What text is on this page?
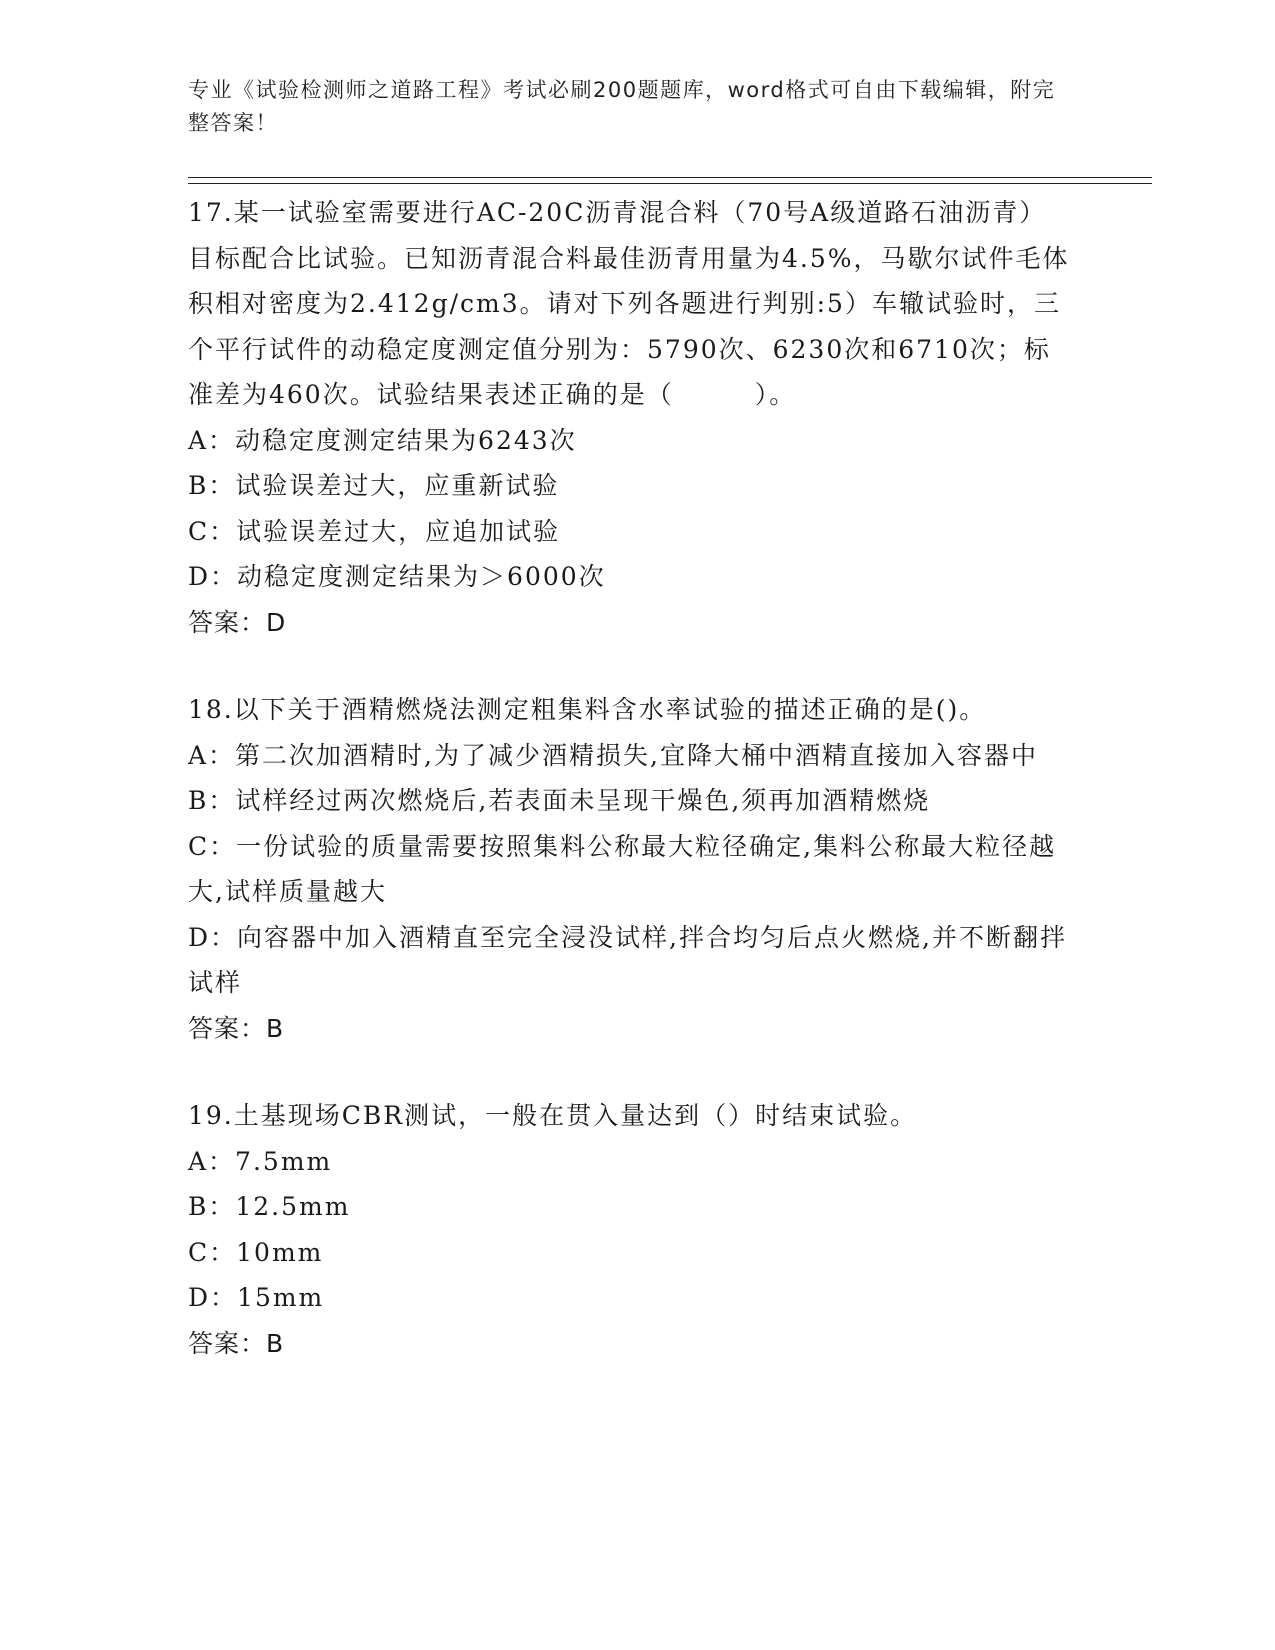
专业《试验检测师之道路工程》考试必刷200题题库，word格式可自由下载编辑，附完整答案！

17.某一试验室需要进行AC-20C沥青混合料（70号A级道路石油沥青）目标配合比试验。已知沥青混合料最佳沥青用量为4.5%，马歇尔试件毛体积相对密度为2.412g/cm3。请对下列各题进行判别:5）车辙试验时，三个平行试件的动稳定度测定值分别为：5790次、6230次和6710次；标准差为460次。试验结果表述正确的是（　　　）。

A：动稳定度测定结果为6243次

B：试验误差过大，应重新试验

C：试验误差过大，应追加试验

D：动稳定度测定结果为＞6000次

答案：D

18.以下关于酒精燃烧法测定粗集料含水率试验的描述正确的是()。

A：第二次加酒精时,为了减少酒精损失,宜降大桶中酒精直接加入容器中

B：试样经过两次燃烧后,若表面未呈现干燥色,须再加酒精燃烧

C：一份试验的质量需要按照集料公称最大粒径确定,集料公称最大粒径越大,试样质量越大

D：向容器中加入酒精直至完全浸没试样,拌合均匀后点火燃烧,并不断翻拌试样

答案：B

19.土基现场CBR测试，一般在贯入量达到（）时结束试验。

A：7.5mm

B：12.5mm

C：10mm

D：15mm

答案：B
